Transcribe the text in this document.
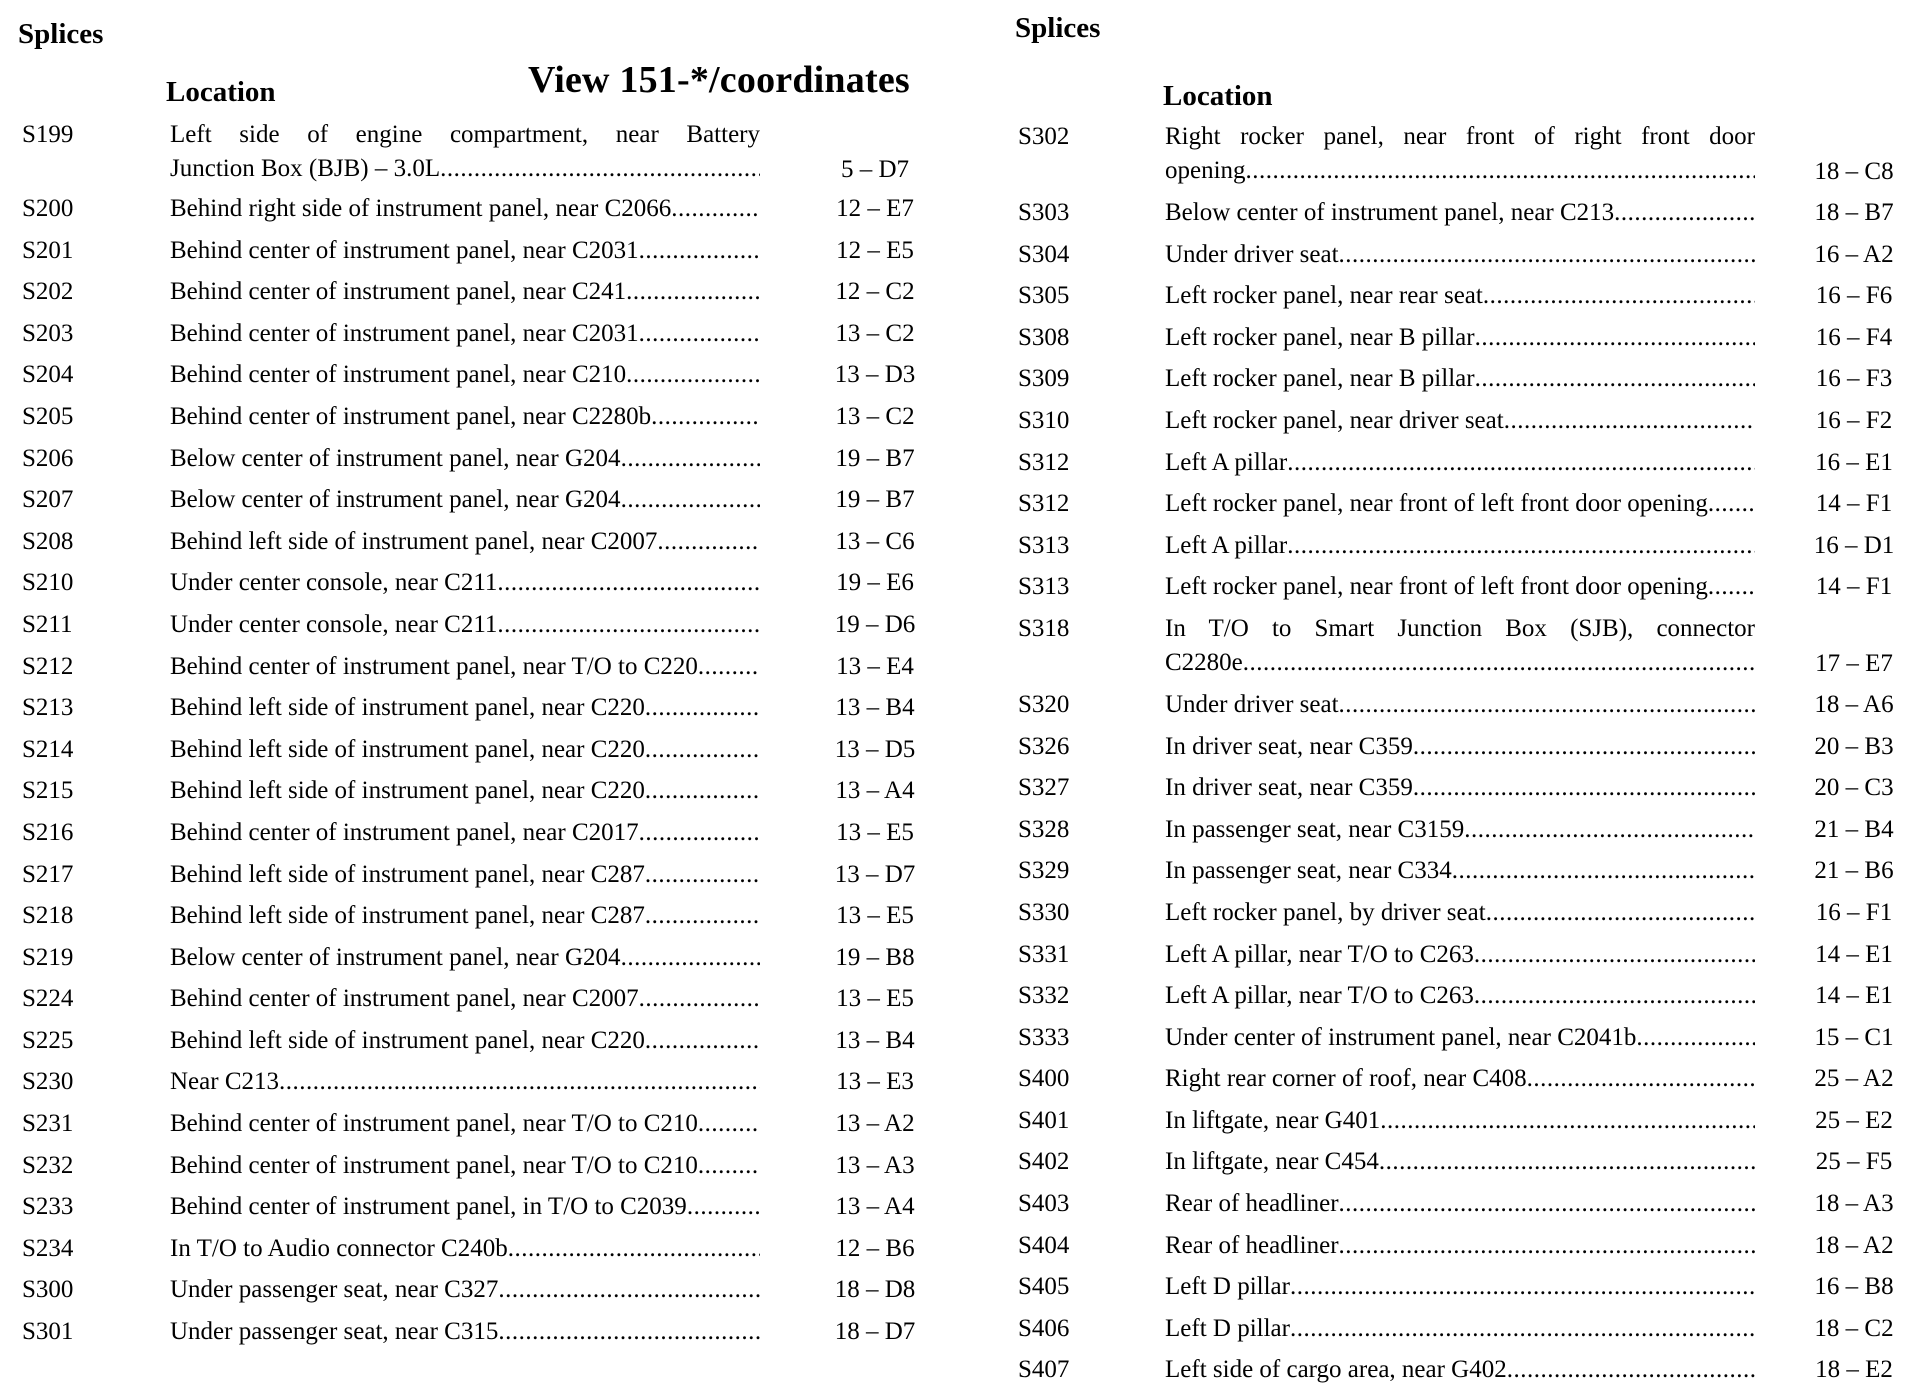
Splices
Location	View 151-*/coordinates
S199	Left side of engine compartment, near Battery
Junction Box (BJB) – 3.0L .....	5 – D7
S200	Behind right side of instrument panel, near C2066 .....	12 – E7
S201	Behind center of instrument panel, near C2031 .....	12 – E5
S202	Behind center of instrument panel, near C241 .....	12 – C2
S203	Behind center of instrument panel, near C2031 .....	13 – C2
S204	Behind center of instrument panel, near C210 .....	13 – D3
S205	Behind center of instrument panel, near C2280b .....	13 – C2
S206	Below center of instrument panel, near G204 .....	19 – B7
S207	Below center of instrument panel, near G204 .....	19 – B7
S208	Behind left side of instrument panel, near C2007 .....	13 – C6
S210	Under center console, near C211 .....	19 – E6
S211	Under center console, near C211 .....	19 – D6
S212	Behind center of instrument panel, near T/O to C220 .....	13 – E4
S213	Behind left side of instrument panel, near C220 .....	13 – B4
S214	Behind left side of instrument panel, near C220 .....	13 – D5
S215	Behind left side of instrument panel, near C220 .....	13 – A4
S216	Behind center of instrument panel, near C2017 .....	13 – E5
S217	Behind left side of instrument panel, near C287 .....	13 – D7
S218	Behind left side of instrument panel, near C287 .....	13 – E5
S219	Below center of instrument panel, near G204 .....	19 – B8
S224	Behind center of instrument panel, near C2007 .....	13 – E5
S225	Behind left side of instrument panel, near C220 .....	13 – B4
S230	Near C213 .....	13 – E3
S231	Behind center of instrument panel, near T/O to C210 .....	13 – A2
S232	Behind center of instrument panel, near T/O to C210 .....	13 – A3
S233	Behind center of instrument panel, in T/O to C2039 .....	13 – A4
S234	In T/O to Audio connector C240b .....	12 – B6
S300	Under passenger seat, near C327 .....	18 – D8
S301	Under passenger seat, near C315 .....	18 – D7
Splices
Location
S302	Right rocker panel, near front of right front door
opening .....	18 – C8
S303	Below center of instrument panel, near C213 .....	18 – B7
S304	Under driver seat .....	16 – A2
S305	Left rocker panel, near rear seat .....	16 – F6
S308	Left rocker panel, near B pillar .....	16 – F4
S309	Left rocker panel, near B pillar .....	16 – F3
S310	Left rocker panel, near driver seat .....	16 – F2
S312	Left A pillar .....	16 – E1
S312	Left rocker panel, near front of left front door opening .....	14 – F1
S313	Left A pillar .....	16 – D1
S313	Left rocker panel, near front of left front door opening .....	14 – F1
S318	In T/O to Smart Junction Box (SJB), connector
C2280e .....	17 – E7
S320	Under driver seat .....	18 – A6
S326	In driver seat, near C359 .....	20 – B3
S327	In driver seat, near C359 .....	20 – C3
S328	In passenger seat, near C3159 .....	21 – B4
S329	In passenger seat, near C334 .....	21 – B6
S330	Left rocker panel, by driver seat .....	16 – F1
S331	Left A pillar, near T/O to C263 .....	14 – E1
S332	Left A pillar, near T/O to C263 .....	14 – E1
S333	Under center of instrument panel, near C2041b .....	15 – C1
S400	Right rear corner of roof, near C408 .....	25 – A2
S401	In liftgate, near G401 .....	25 – E2
S402	In liftgate, near C454 .....	25 – F5
S403	Rear of headliner .....	18 – A3
S404	Rear of headliner .....	18 – A2
S405	Left D pillar .....	16 – B8
S406	Left D pillar .....	18 – C2
S407	Left side of cargo area, near G402 .....	18 – E2
